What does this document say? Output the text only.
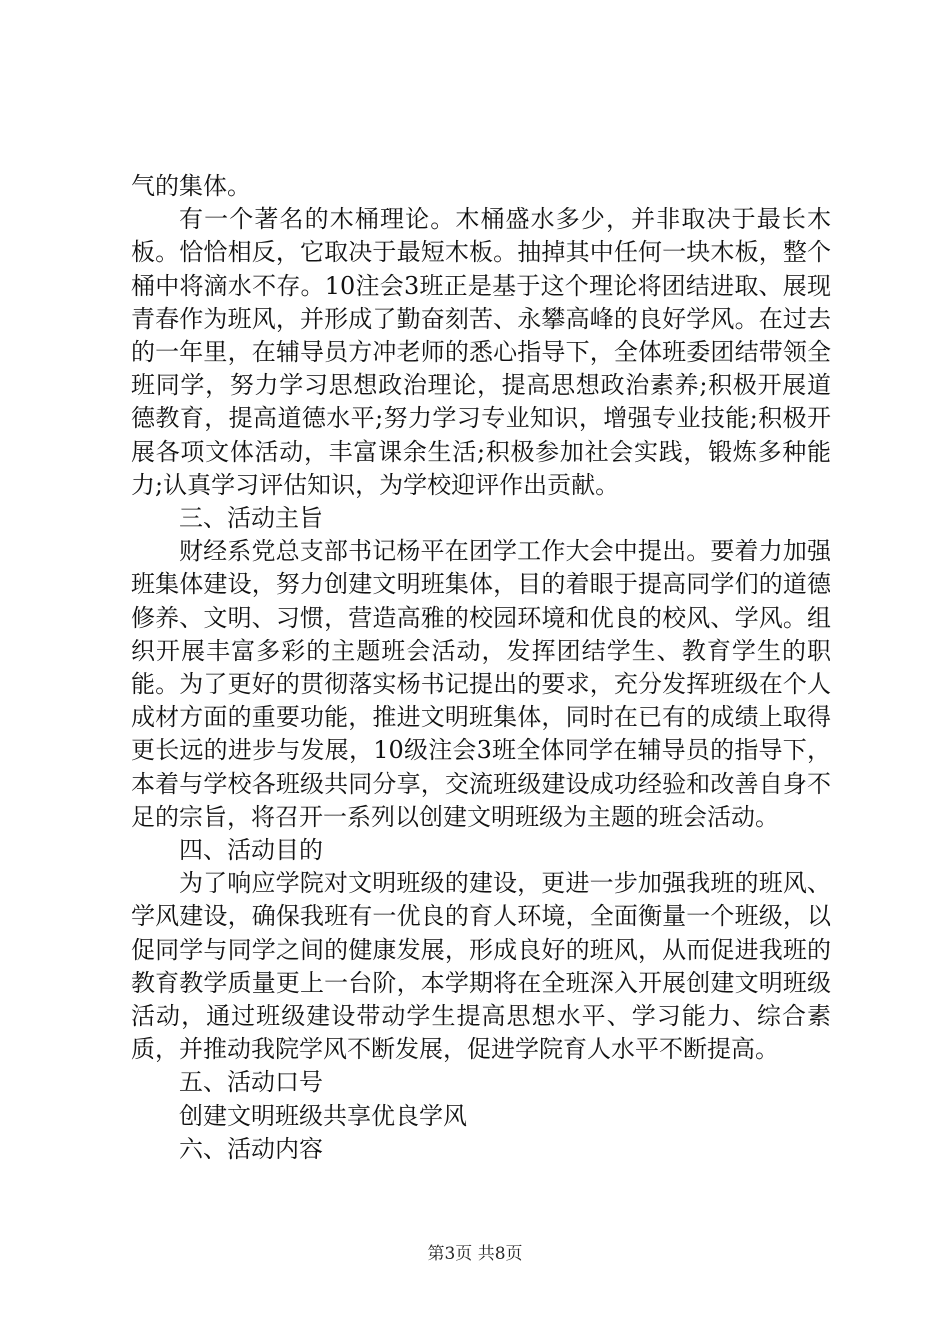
气的集体。

有一个著名的木桶理论。木桶盛水多少，并非取决于最长木板。恰恰相反，它取决于最短木板。抽掉其中任何一块木板，整个桶中将滴水不存。10注会3班正是基于这个理论将团结进取、展现青春作为班风，并形成了勤奋刻苦、永攀高峰的良好学风。在过去的一年里，在辅导员方冲老师的悉心指导下，全体班委团结带领全班同学，努力学习思想政治理论，提高思想政治素养;积极开展道德教育，提高道德水平;努力学习专业知识，增强专业技能;积极开展各项文体活动，丰富课余生活;积极参加社会实践，锻炼多种能力;认真学习评估知识，为学校迎评作出贡献。

三、活动主旨

财经系党总支部书记杨平在团学工作大会中提出。要着力加强班集体建设，努力创建文明班集体，目的着眼于提高同学们的道德修养、文明、习惯，营造高雅的校园环境和优良的校风、学风。组织开展丰富多彩的主题班会活动，发挥团结学生、教育学生的职能。为了更好的贯彻落实杨书记提出的要求，充分发挥班级在个人成材方面的重要功能，推进文明班集体，同时在已有的成绩上取得更长远的进步与发展，10级注会3班全体同学在辅导员的指导下，本着与学校各班级共同分享，交流班级建设成功经验和改善自身不足的宗旨，将召开一系列以创建文明班级为主题的班会活动。

四、活动目的

为了响应学院对文明班级的建设，更进一步加强我班的班风、学风建设，确保我班有一优良的育人环境，全面衡量一个班级，以促同学与同学之间的健康发展，形成良好的班风，从而促进我班的教育教学质量更上一台阶，本学期将在全班深入开展创建文明班级活动，通过班级建设带动学生提高思想水平、学习能力、综合素质，并推动我院学风不断发展，促进学院育人水平不断提高。

五、活动口号

创建文明班级共享优良学风

六、活动内容

第3页 共8页
